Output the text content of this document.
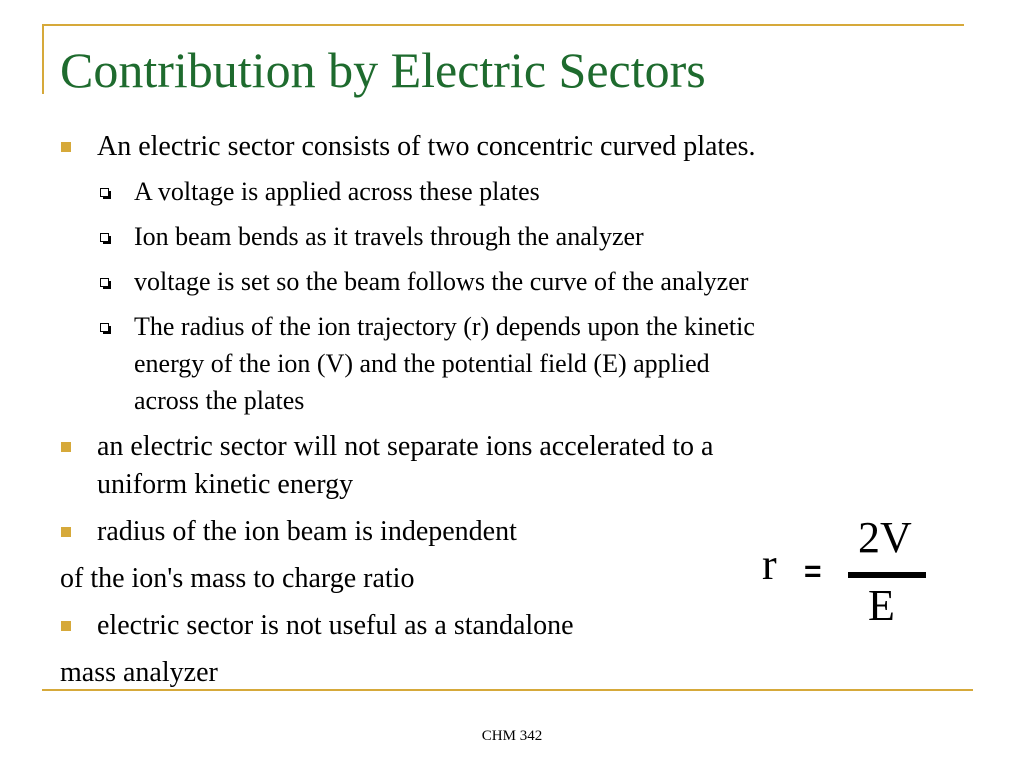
Contribution by Electric Sectors
An electric sector consists of two concentric curved plates.
A voltage is applied across these plates
Ion beam bends as it travels through the analyzer
voltage is set so the beam follows the curve of the analyzer
The radius of the ion trajectory (r) depends upon the kinetic
energy of the ion (V) and the potential field (E) applied
across the plates
an electric sector will not separate ions accelerated to a
uniform kinetic energy
radius of the ion beam is independent
of the ion's mass to charge ratio
electric sector is not useful as a standalone
mass analyzer
r =
2V
E
CHM 342
